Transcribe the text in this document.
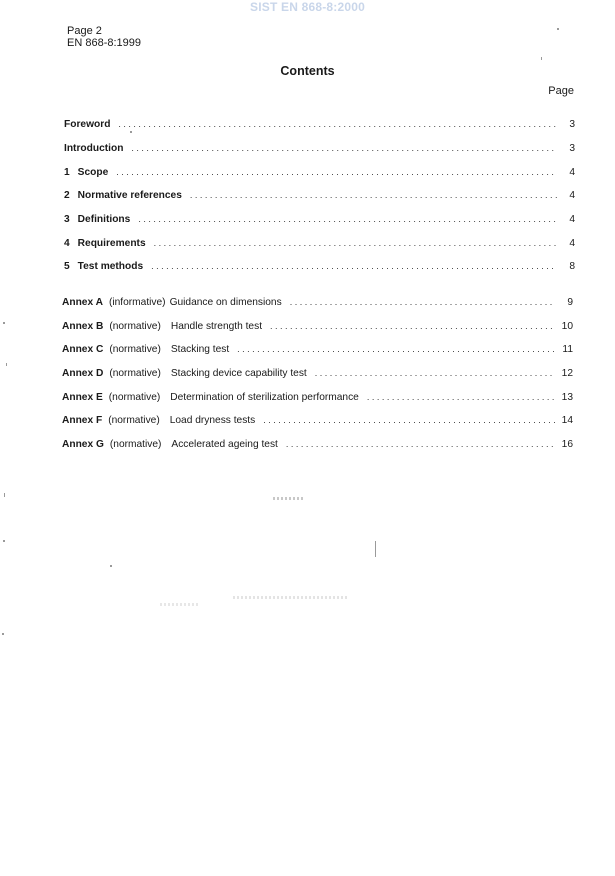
SIST EN 868-8:2000
Page 2
EN 868-8:1999
Contents
Page
Foreword . . .	3
Introduction . . .	3
1 Scope . . .	4
2 Normative references . . .	4
3 Definitions . . .	4
4 Requirements . . .	4
5 Test methods . . .	8
Annex A (informative) Guidance on dimensions . . .	9
Annex B (normative) Handle strength test . . .	10
Annex C (normative) Stacking test . . .	11
Annex D (normative) Stacking device capability test . . .	12
Annex E (normative) Determination of sterilization performance . . .	13
Annex F (normative) Load dryness tests . . .	14
Annex G (normative) Accelerated ageing test . . .	16
